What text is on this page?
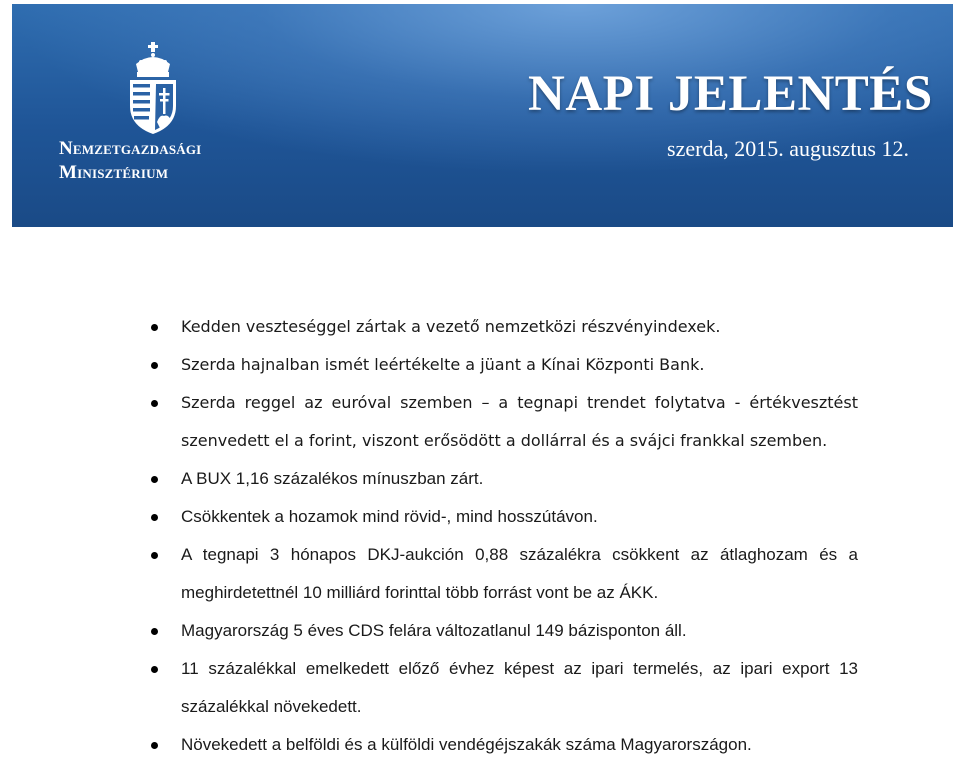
Nemzetgazdasági
Minisztérium
NAPI JELENTÉS
szerda, 2015. augusztus 12.
Kedden veszteséggel zártak a vezető nemzetközi részvényindexek.
Szerda hajnalban ismét leértékelte a jüant a Kínai Központi Bank.
Szerda reggel az euróval szemben – a tegnapi trendet folytatva - értékvesztést szenvedett el a forint, viszont erősödött a dollárral és a svájci frankkal szemben.
A BUX 1,16 százalékos mínuszban zárt.
Csökkentek a hozamok mind rövid-, mind hosszútávon.
A tegnapi 3 hónapos DKJ-aukción 0,88 százalékra csökkent az átlaghozam és a meghirdetettnél 10 milliárd forinttal több forrást vont be az ÁKK.
Magyarország 5 éves CDS felára változatlanul 149 bázisponton áll.
11 százalékkal emelkedett előző évhez képest az ipari termelés, az ipari export 13 százalékkal növekedett.
Növekedett a belföldi és a külföldi vendégéjszakák száma Magyarországon.
